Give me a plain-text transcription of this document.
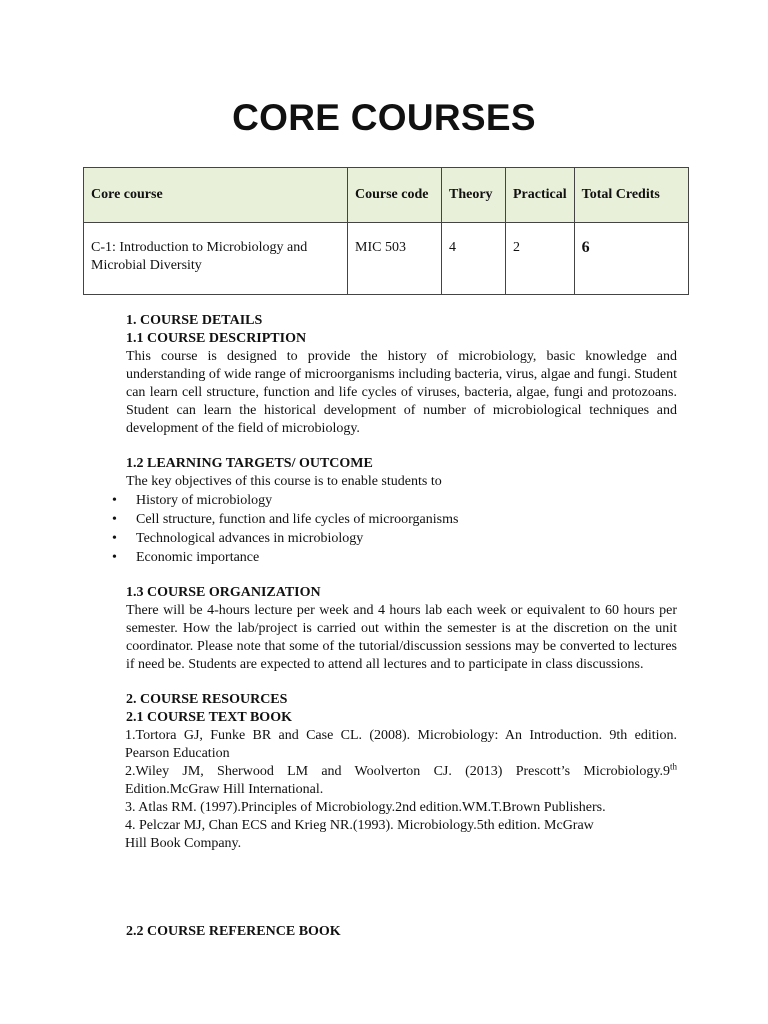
CORE COURSES
Core course	Course code	Theory	Practical	Total Credits
C-1: Introduction to Microbiology and Microbial Diversity	MIC 503	4	2	6
1. COURSE DETAILS
1.1 COURSE DESCRIPTION
This course is designed to provide the history of microbiology, basic knowledge and understanding of wide range of microorganisms including bacteria, virus, algae and fungi. Student can learn cell structure, function and life cycles of viruses, bacteria, algae, fungi and protozoans. Student can learn the historical development of number of microbiological techniques and development of the field of microbiology.
1.2 LEARNING TARGETS/ OUTCOME
The key objectives of this course is to enable students to
• History of microbiology
• Cell structure, function and life cycles of microorganisms
• Technological advances in microbiology
• Economic importance
1.3 COURSE ORGANIZATION
There will be 4-hours lecture per week and 4 hours lab each week or equivalent to 60 hours per semester. How the lab/project is carried out within the semester is at the discretion on the unit coordinator. Please note that some of the tutorial/discussion sessions may be converted to lectures if need be. Students are expected to attend all lectures and to participate in class discussions.
2. COURSE RESOURCES
2.1 COURSE TEXT BOOK
1.Tortora GJ, Funke BR and Case CL. (2008). Microbiology: An Introduction. 9th edition. Pearson Education
2.Wiley JM, Sherwood LM and Woolverton CJ. (2013) Prescott’s Microbiology.9th Edition.McGraw Hill International.
3. Atlas RM. (1997).Principles of Microbiology.2nd edition.WM.T.Brown Publishers.
4. Pelczar MJ, Chan ECS and Krieg NR.(1993). Microbiology.5th edition. McGraw
Hill Book Company.
2.2 COURSE REFERENCE BOOK
